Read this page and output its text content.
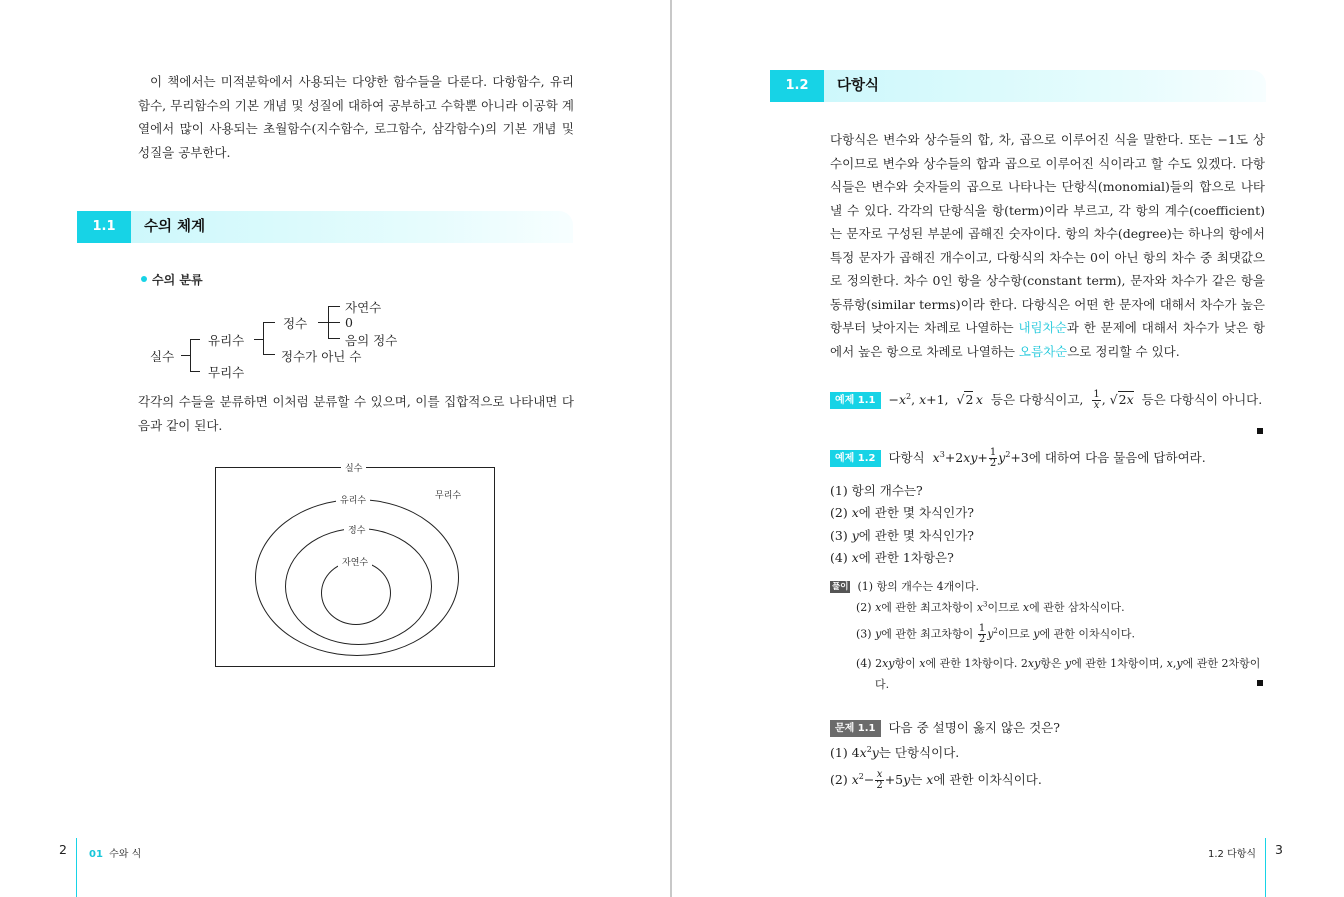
이 책에서는 미적분학에서 사용되는 다양한 함수들을 다룬다. 다항함수, 유리함수, 무리함수의 기본 개념 및 성질에 대하여 공부하고 수학뿐 아니라 이공학 계열에서 많이 사용되는 초월함수(지수함수, 로그함수, 삼각함수)의 기본 개념 및 성질을 공부한다.

1.1	수의 체계
수의 분류
실수
유리수
무리수
정수
정수가 아닌 수
자연수
0
음의 정수

각각의 수들을 분류하면 이처럼 분류할 수 있으며, 이를 집합적으로 나타내면 다음과 같이 된다.

실수
유리수	무리수
정수
자연수
2 01 수와 식
1.2	다항식

다항식은 변수와 상수들의 합, 차, 곱으로 이루어진 식을 말한다. 또는 −1도 상수이므로 변수와 상수들의 합과 곱으로 이루어진 식이라고 할 수도 있겠다. 다항식들은 변수와 숫자들의 곱으로 나타나는 단항식(monomial)들의 합으로 나타낼 수 있다. 각각의 단항식을 항(term)이라 부르고, 각 항의 계수(coefficient)는 문자로 구성된 부분에 곱해진 숫자이다. 항의 차수(degree)는 하나의 항에서 특정 문자가 곱해진 개수이고, 다항식의 차수는 0이 아닌 항의 차수 중 최댓값으로 정의한다. 차수 0인 항을 상수항(constant term), 문자와 차수가 같은 항을 동류항(similar terms)이라 한다. 다항식은 어떤 한 문자에 대해서 차수가 높은 항부터 낮아지는 차례로 나열하는 내림차순과 한 문제에 대해서 차수가 낮은 항에서 높은 항으로 차례로 나열하는 오름차순으로 정리할 수 있다.

예제 $1.1 -x^2$, x+1,  √2  x 등은 다항식이고, $\frac{1}{x}$ , √2x 등은 다항식이 아니다.
예제 1.2 다항식 $x^3+2xy+ \frac{1}{2} y^2+3$에 대하여 다음 물음에 답하여라.
(1) 항의 개수는?
(2) x에 관한 몇 차식인가?
(3) y에 관한 몇 차식인가?
(4) x에 관한 1차항은?
풀이 (1) 항의 개수는 4개이다.
(2) x에 관한 최고차항이 $x^3$이므로 x에 관한 삼차식이다.
(3) y에 관한 최고차항이 $\frac{1}{2} y^2$이므로 y에 관한 이차식이다.
(4) 2xy항이 x에 관한 1차항이다. 2xy항은 y에 관한 1차항이며, x,y에 관한 2차항이
다.
문제 1.1 다음 중 설명이 옳지 않은 것은?
(1) $4x^2y$는 단항식이다.
(2) $x^2- \frac{x}{2} +5y$는 x에 관한 이차식이다.
1.2 다항식 3
